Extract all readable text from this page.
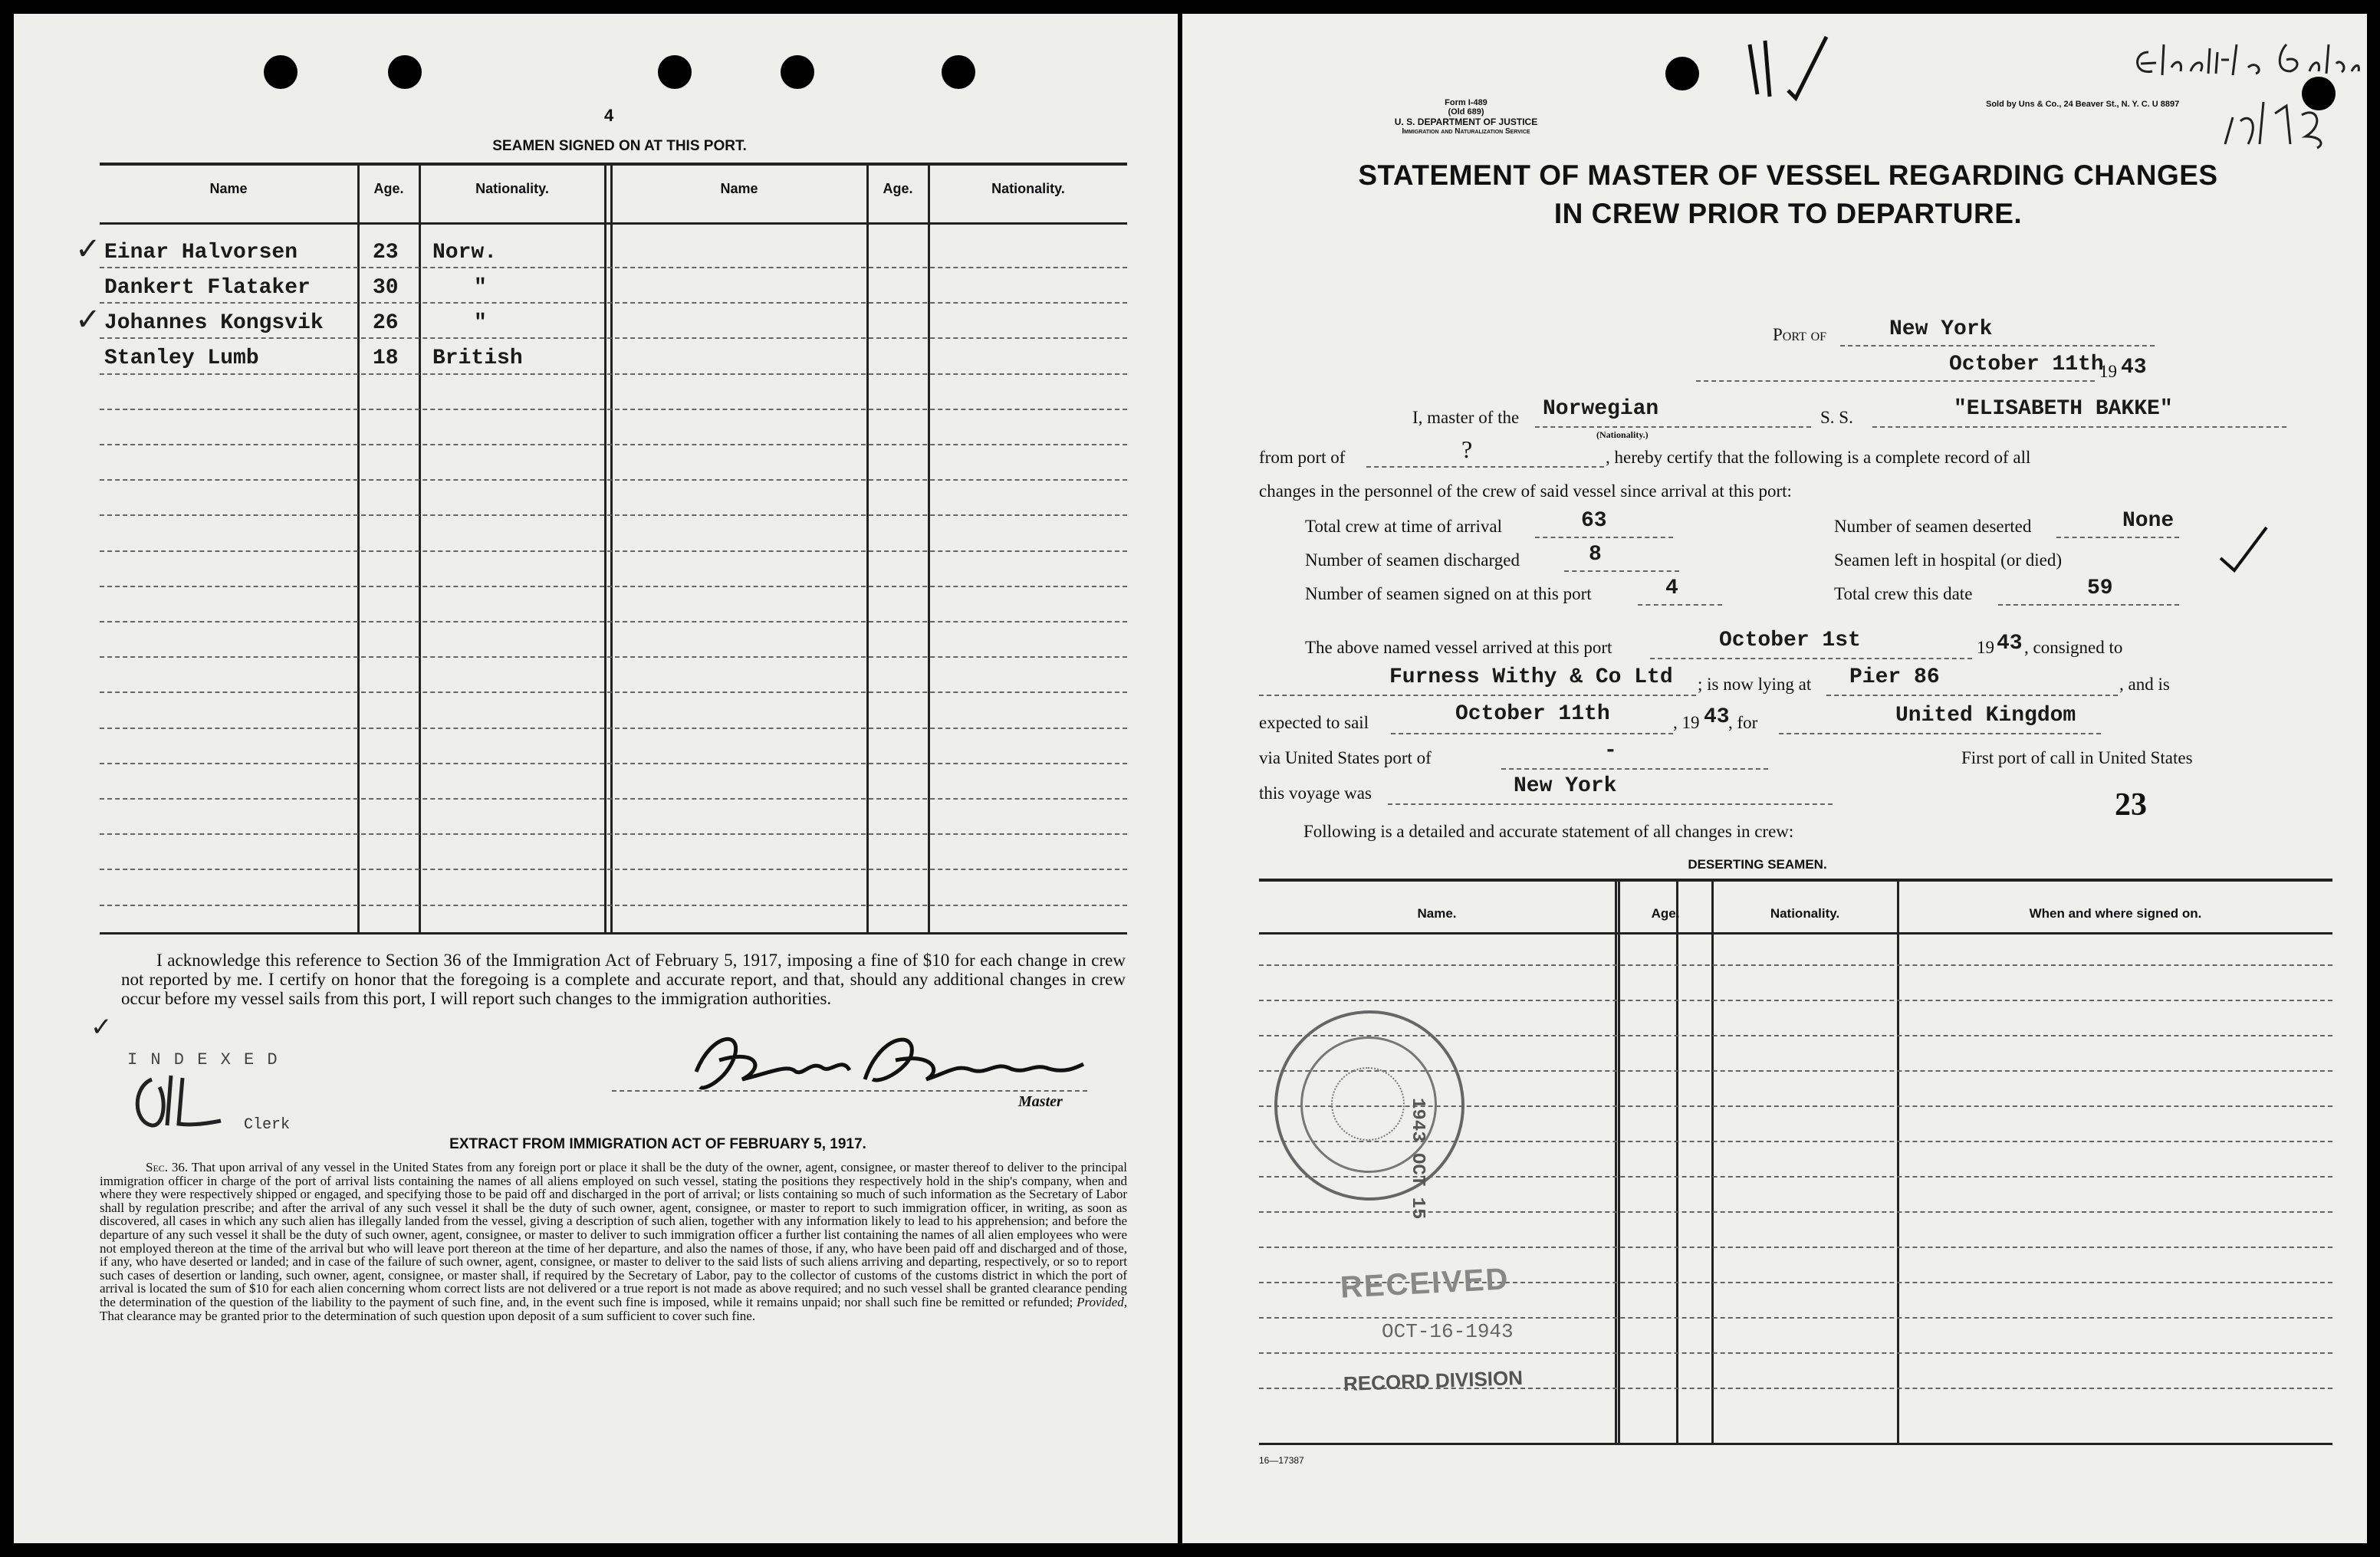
4
SEAMEN SIGNED ON AT THIS PORT.
Name	Age.	Nationality.	Name	Age.	Nationality.
✓
✓
Einar Halvorsen	23 Norw.
Dankert Flataker	30	"
Johannes Kongsvik 26	"
Stanley Lumb	18 British
I acknowledge this reference to Section 36 of the Immigration Act of February 5, 1917, imposing a fine of $10 for each change in crew not reported by me. I certify on honor that the foregoing is a complete and accurate report, and that, should any additional changes in crew occur before my vessel sails from this port, I will report such changes to the immigration authorities.
✓
I N D E X E D
Clerk
Master
EXTRACT FROM IMMIGRATION ACT OF FEBRUARY 5, 1917.
Sec. 36. That upon arrival of any vessel in the United States from any foreign port or place it shall be the duty of the owner, agent, consignee, or master thereof to deliver to the principal immigration officer in charge of the port of arrival lists containing the names of all aliens employed on such vessel, stating the positions they respectively hold in the ship's company, when and where they were respectively shipped or engaged, and specifying those to be paid off and discharged in the port of arrival; or lists containing so much of such information as the Secretary of Labor shall by regulation prescribe; and after the arrival of any such vessel it shall be the duty of such owner, agent, consignee, or master to report to such immigration officer, in writing, as soon as discovered, all cases in which any such alien has illegally landed from the vessel, giving a description of such alien, together with any information likely to lead to his apprehension; and before the departure of any such vessel it shall be the duty of such owner, agent, consignee, or master to deliver to such immigration officer a further list containing the names of all alien employees who were not employed thereon at the time of the arrival but who will leave port thereon at the time of her departure, and also the names of those, if any, who have been paid off and discharged and of those, if any, who have deserted or landed; and in case of the failure of such owner, agent, consignee, or master to deliver to the said lists of such aliens arriving and departing, respectively, or so to report such cases of desertion or landing, such owner, agent, consignee, or master shall, if required by the Secretary of Labor, pay to the collector of customs of the customs district in which the port of arrival is located the sum of $10 for each alien concerning whom correct lists are not delivered or a true report is not made as above required; and no such vessel shall be granted clearance pending the determination of the question of the liability to the payment of such fine, and, in the event such fine is imposed, while it remains unpaid; nor shall such fine be remitted or refunded; Provided, That clearance may be granted prior to the determination of such question upon deposit of a sum sufficient to cover such fine.
Form I-489
(Old 689)
U. S. DEPARTMENT OF JUSTICE
Immigration and Naturalization Service
Sold by Uns & Co., 24 Beaver St., N. Y. C. U 8897
STATEMENT OF MASTER OF VESSEL REGARDING CHANGES
IN CREW PRIOR TO DEPARTURE.
Port of	New York
October 11th
19 43
I, master of the Norwegian
(Nationality.)
S. S.	"ELISABETH BAKKE"
from port of	?	, hereby certify that the following is a complete record of all
changes in the personnel of the crew of said vessel since arrival at this port:
Total crew at time of arrival	63	Number of seamen deserted	None
Number of seamen discharged	8	Seamen left in hospital (or died)
Number of seamen signed on at this port	4	Total crew this date	59
The above named vessel arrived at this port	October 1st	19 43 , consigned to
Furness Withy & Co Ltd ; is now lying at Pier 86	, and is
expected to sail	October 11th	, 19 43
, for	United Kingdom
via United States port of	-	First port of call in United States
this voyage was	New York
23
Following is a detailed and accurate statement of all changes in crew:
DESERTING SEAMEN.
Name.	Age.	Nationality.	When and where signed on.
1943 OCT 15
RECEIVED
OCT-16-1943
RECORD DIVISION
16—17387
